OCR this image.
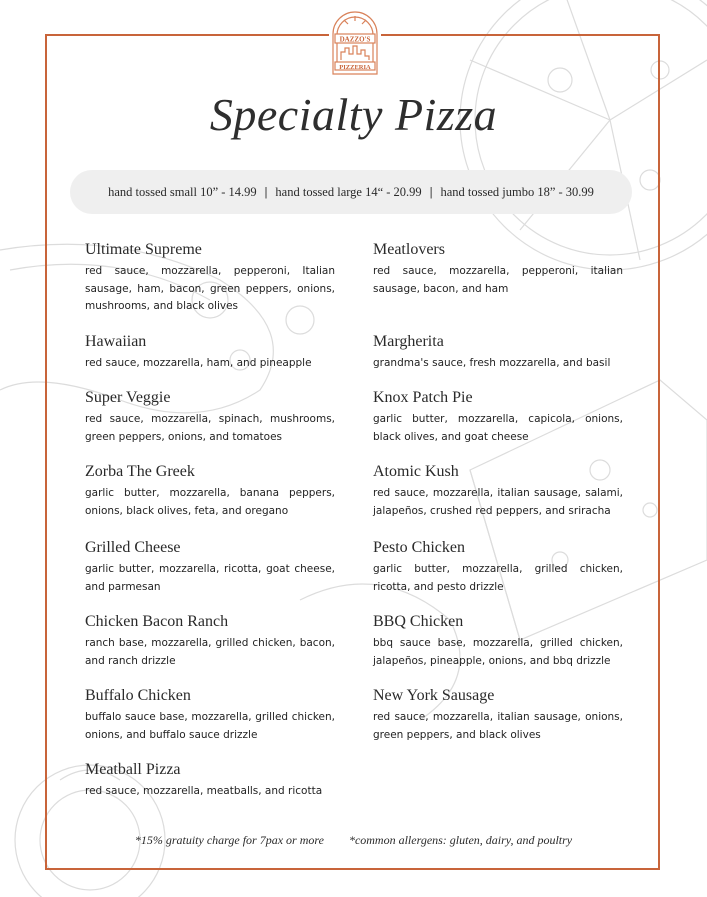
DAZZO'S
PIZZERIA
Specialty Pizza
hand tossed small 10” - 14.99 | hand tossed large 14“ - 20.99 | hand tossed jumbo 18” - 30.99
Ultimate Supreme
red sauce, mozzarella, pepperoni, Italian sausage, ham, bacon, green peppers, onions, mushrooms, and black olives
Hawaiian
red sauce, mozzarella, ham, and pineapple
Super Veggie
red sauce, mozzarella, spinach, mushrooms, green peppers, onions, and tomatoes
Zorba The Greek
garlic butter, mozzarella, banana peppers, onions, black olives, feta, and oregano
Grilled Cheese
garlic butter, mozzarella, ricotta, goat cheese, and parmesan
Chicken Bacon Ranch
ranch base, mozzarella, grilled chicken, bacon, and ranch drizzle
Buffalo Chicken
buffalo sauce base, mozzarella, grilled chicken, onions, and buffalo sauce drizzle
Meatball Pizza
red sauce, mozzarella, meatballs, and ricotta
Meatlovers
red sauce, mozzarella, pepperoni, italian sausage, bacon, and ham
Margherita
grandma's sauce, fresh mozzarella, and basil
Knox Patch Pie
garlic butter, mozzarella, capicola, onions, black olives, and goat cheese
Atomic Kush
red sauce, mozzarella, italian sausage, salami, jalapeños, crushed red peppers, and sriracha
Pesto Chicken
garlic butter, mozzarella, grilled chicken, ricotta, and pesto drizzle
BBQ Chicken
bbq sauce base, mozzarella, grilled chicken, jalapeños, pineapple, onions, and bbq drizzle
New York Sausage
red sauce, mozzarella, italian sausage, onions, green peppers, and black olives
*15% gratuity charge for 7pax or more *common allergens: gluten, dairy, and poultry
